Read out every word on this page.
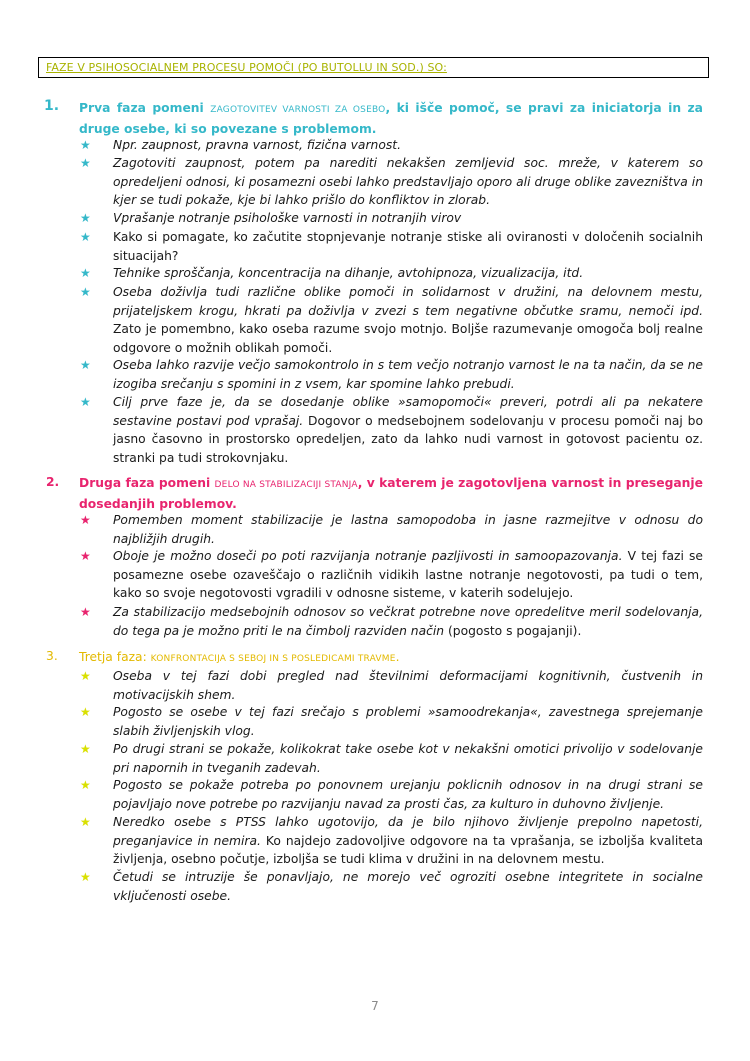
FAZE V PSIHOSOCIALNEM PROCESU POMOČI (PO BUTOLLU IN SOD.) SO:
1. Prva faza pomeni ZAGOTOVITEV VARNOSTI ZA OSEBO, ki išče pomoč, se pravi za iniciatorja in za druge osebe, ki so povezane s problemom.
★ Npr. zaupnost, pravna varnost, fizična varnost.
★ Zagotoviti zaupnost, potem pa narediti nekakšen zemljevid soc. mreže, v katerem so opredeljeni odnosi, ki posamezni osebi lahko predstavljajo oporo ali druge oblike zavezništva in kjer se tudi pokaže, kje bi lahko prišlo do konfliktov in zlorab.
★ Vprašanje notranje psihološke varnosti in notranjih virov
★ Kako si pomagate, ko začutite stopnjevanje notranje stiske ali oviranosti v določenih socialnih situacijah?
★ Tehnike sproščanja, koncentracija na dihanje, avtohipnoza, vizualizacija, itd.
★ Oseba doživlja tudi različne oblike pomoči in solidarnost v družini, na delovnem mestu, prijateljskem krogu, hkrati pa doživlja v zvezi s tem negativne občutke sramu, nemoči ipd. Zato je pomembno, kako oseba razume svojo motnjo. Boljše razumevanje omogoča bolj realne odgovore o možnih oblikah pomoči.
★ Oseba lahko razvije večjo samokontrolo in s tem večjo notranjo varnost le na ta način, da se ne izogiba srečanju s spomini in z vsem, kar spomine lahko prebudi.
★ Cilj prve faze je, da se dosedanje oblike »samopomoči« preveri, potrdi ali pa nekatere sestavine postavi pod vprašaj. Dogovor o medsebojnem sodelovanju v procesu pomoči naj bo jasno časovno in prostorsko opredeljen, zato da lahko nudi varnost in gotovost pacientu oz. stranki pa tudi strokovnjaku.
2. Druga faza pomeni DELO NA STABILIZACIJI STANJA, v katerem je zagotovljena varnost in preseganje dosedanjih problemov.
★ Pomemben moment stabilizacije je lastna samopodoba in jasne razmejitve v odnosu do najbližjih drugih.
★ Oboje je možno doseči po poti razvijanja notranje pazljivosti in samoopazovanja. V tej fazi se posamezne osebe ozaveščajo o različnih vidikih lastne notranje negotovosti, pa tudi o tem, kako so svoje negotovosti vgradili v odnosne sisteme, v katerih sodelujejo.
★ Za stabilizacijo medsebojnih odnosov so večkrat potrebne nove opredelitve meril sodelovanja, do tega pa je možno priti le na čimbolj razviden način (pogosto s pogajanji).
3. Tretja faza: KONFRONTACIJA S SEBOJ IN S POSLEDICAMI TRAVME.
★ Oseba v tej fazi dobi pregled nad številnimi deformacijami kognitivnih, čustvenih in motivacijskih shem.
★ Pogosto se osebe v tej fazi srečajo s problemi »samoodrekanja«, zavestnega sprejemanje slabih življenjskih vlog.
★ Po drugi strani se pokaže, kolikokrat take osebe kot v nekakšni omotici privolijo v sodelovanje pri napornih in tveganih zadevah.
★ Pogosto se pokaže potreba po ponovnem urejanju poklicnih odnosov in na drugi strani se pojavljajo nove potrebe po razvijanju navad za prosti čas, za kulturo in duhovno življenje.
★ Neredko osebe s PTSS lahko ugotovijo, da je bilo njihovo življenje prepolno napetosti, preganjavice in nemira. Ko najdejo zadovoljive odgovore na ta vprašanja, se izboljša kvaliteta življenja, osebno počutje, izboljša se tudi klima v družini in na delovnem mestu.
★ Četudi se intruzije še ponavljajo, ne morejo več ogroziti osebne integritete in socialne vključenosti osebe.
7
